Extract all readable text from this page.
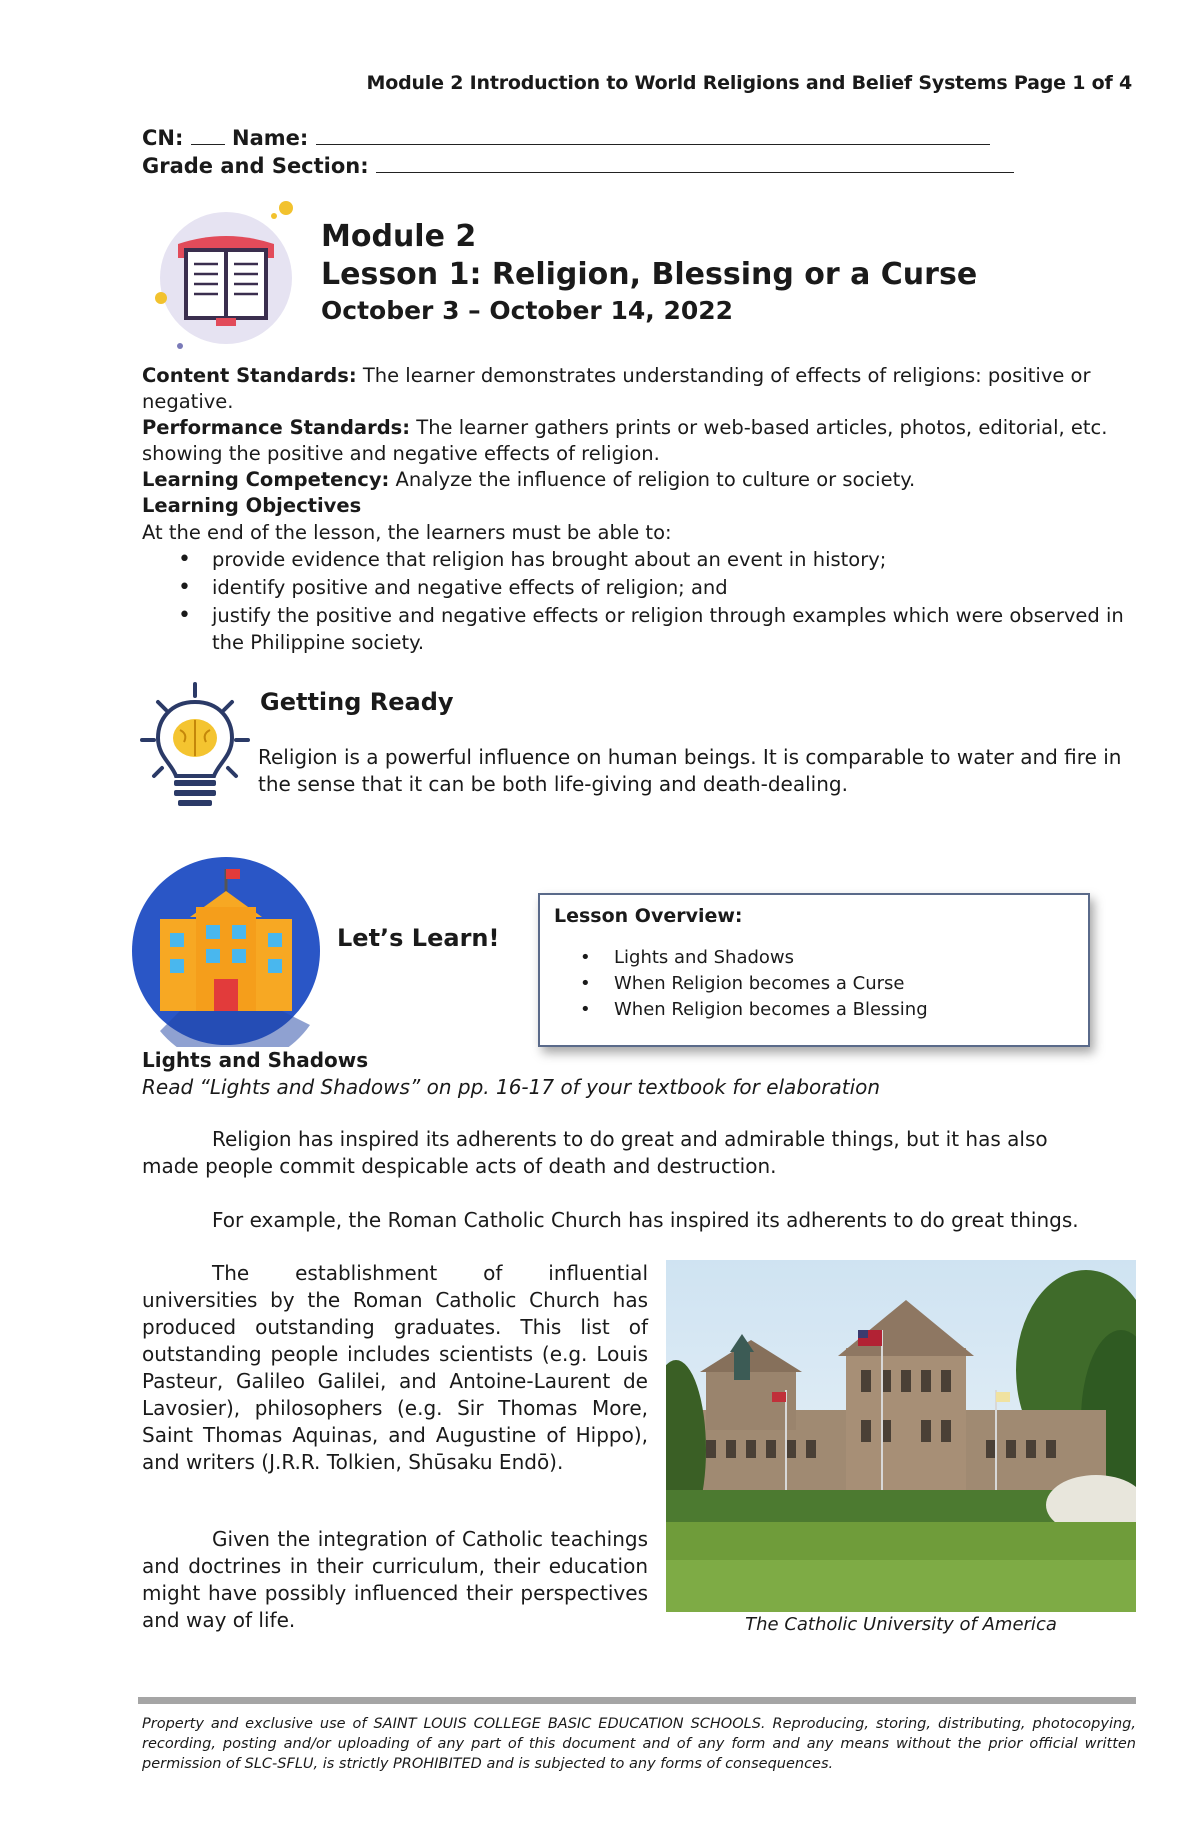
Module 2 Introduction to World Religions and Belief Systems Page 1 of 4
CN: Name:
Grade and Section:
Module 2
Lesson 1: Religion, Blessing or a Curse
October 3 – October 14, 2022
Content Standards: The learner demonstrates understanding of effects of religions: positive or negative.
Performance Standards: The learner gathers prints or web-based articles, photos, editorial, etc. showing the positive and negative effects of religion.
Learning Competency: Analyze the influence of religion to culture or society.
Learning Objectives
At the end of the lesson, the learners must be able to:
• provide evidence that religion has brought about an event in history;
• identify positive and negative effects of religion; and
• justify the positive and negative effects or religion through examples which were observed in the Philippine society.
Getting Ready
Religion is a powerful influence on human beings. It is comparable to water and fire in the sense that it can be both life-giving and death-dealing.
Let’s Learn!
Lesson Overview:
• Lights and Shadows
• When Religion becomes a Curse
• When Religion becomes a Blessing
Lights and Shadows
Read “Lights and Shadows” on pp. 16-17 of your textbook for elaboration
Religion has inspired its adherents to do great and admirable things, but it has also made people commit despicable acts of death and destruction.
For example, the Roman Catholic Church has inspired its adherents to do great things.
The establishment of influential universities by the Roman Catholic Church has produced outstanding graduates. This list of outstanding people includes scientists (e.g. Louis Pasteur, Galileo Galilei, and Antoine-Laurent de Lavosier), philosophers (e.g. Sir Thomas More, Saint Thomas Aquinas, and Augustine of Hippo), and writers (J.R.R. Tolkien, Shūsaku Endō).
Given the integration of Catholic teachings and doctrines in their curriculum, their education might have possibly influenced their perspectives and way of life.	The Catholic University of America
Property and exclusive use of SAINT LOUIS COLLEGE BASIC EDUCATION SCHOOLS. Reproducing, storing, distributing, photocopying, recording, posting and/or uploading of any part of this document and of any form and any means without the prior official written permission of SLC-SFLU, is strictly PROHIBITED and is subjected to any forms of consequences.
